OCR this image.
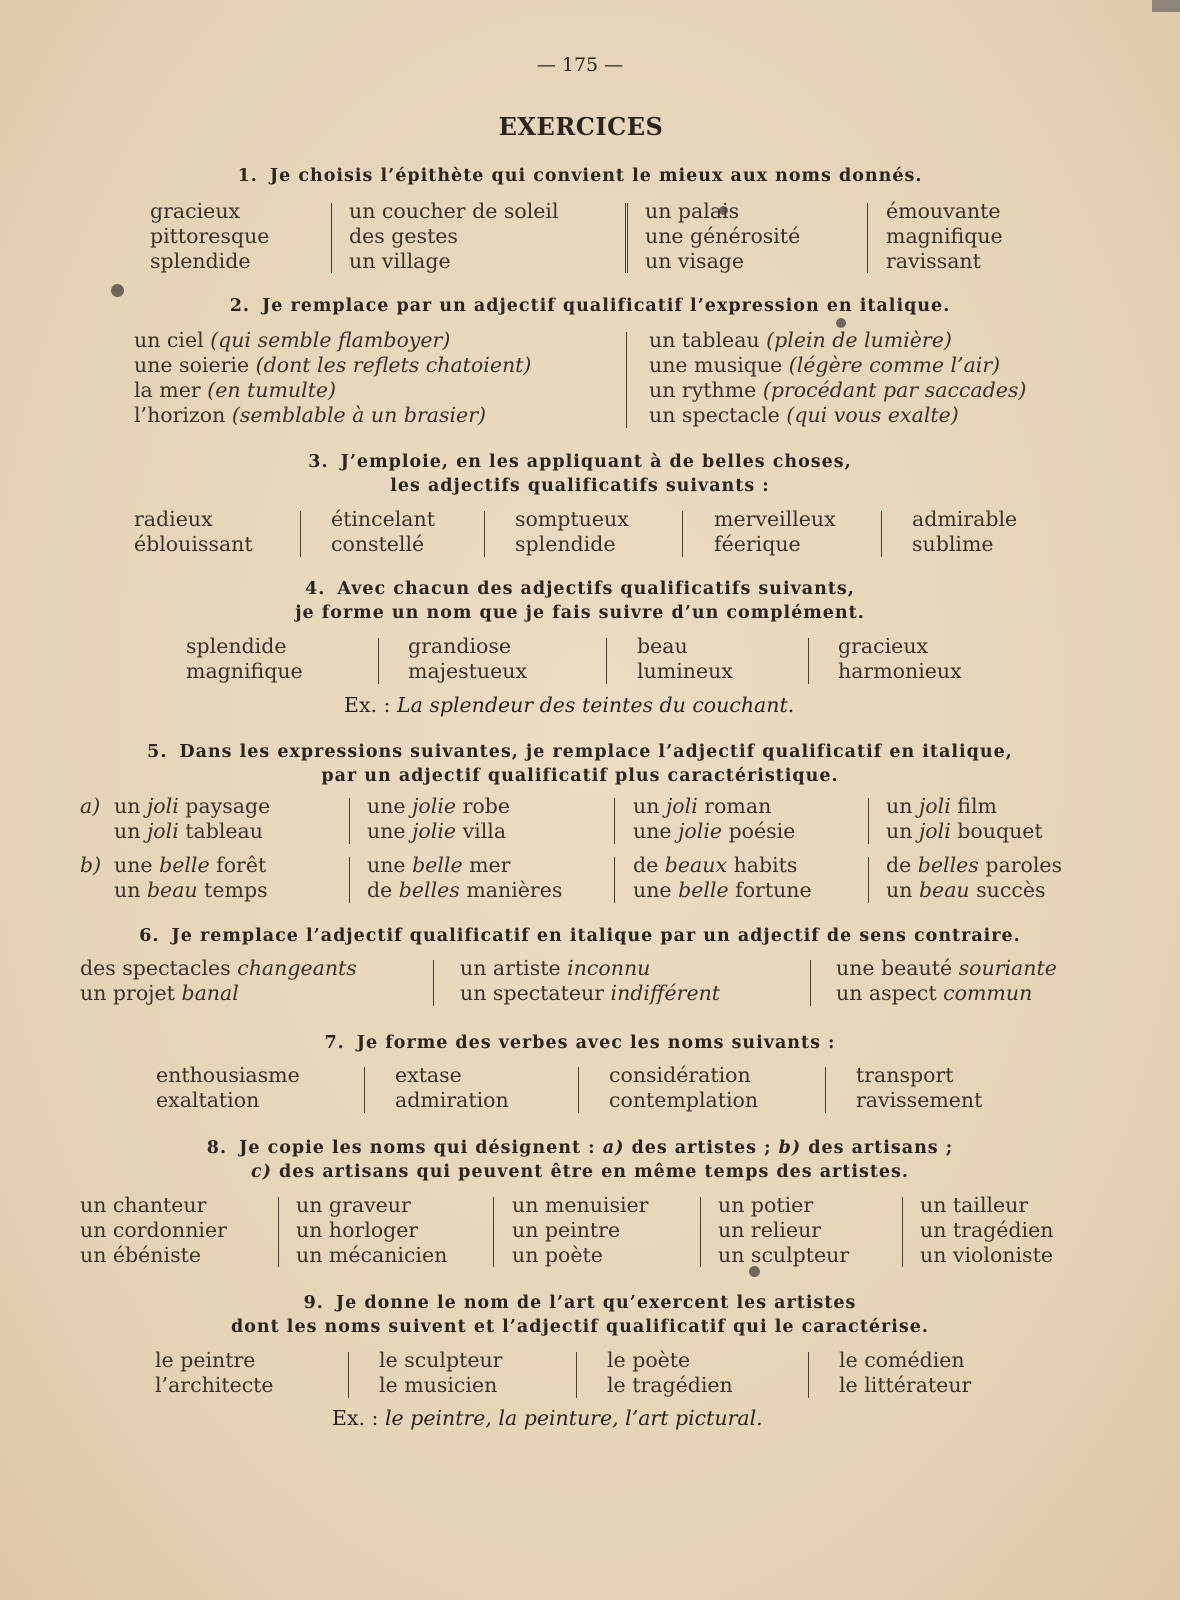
— 175 —
EXERCICES
1. Je choisis l’épithète qui convient le mieux aux noms donnés.
gracieux
pittoresque
splendide
un coucher de soleil
des gestes
un village
un palais
une générosité
un visage
émouvante
magnifique
ravissant
2. Je remplace par un adjectif qualificatif l’expression en italique.
un ciel (qui semble flamboyer)
une soierie (dont les reflets chatoient)
la mer (en tumulte)
l’horizon (semblable à un brasier)
un tableau (plein de lumière)
une musique (légère comme l’air)
un rythme (procédant par saccades)
un spectacle (qui vous exalte)
3. J’emploie, en les appliquant à de belles choses,
les adjectifs qualificatifs suivants :
radieux
éblouissant
étincelant
constellé
somptueux
splendide
merveilleux
féerique
admirable
sublime
4. Avec chacun des adjectifs qualificatifs suivants,
je forme un nom que je fais suivre d’un complément.
splendide
magnifique
grandiose
majestueux
beau
lumineux
gracieux
harmonieux
Ex. : La splendeur des teintes du couchant.
5. Dans les expressions suivantes, je remplace l’adjectif qualificatif en italique,
par un adjectif qualificatif plus caractéristique.
a)
b)
un joli paysage
un joli tableau
une jolie robe
une jolie villa
un joli roman
une jolie poésie
un joli film
un joli bouquet
une belle forêt
un beau temps
une belle mer
de belles manières
de beaux habits
une belle fortune
de belles paroles
un beau succès
6. Je remplace l’adjectif qualificatif en italique par un adjectif de sens contraire.
des spectacles changeants
un projet banal
un artiste inconnu
un spectateur indifférent
une beauté souriante
un aspect commun
7. Je forme des verbes avec les noms suivants :
enthousiasme
exaltation
extase
admiration
considération
contemplation
transport
ravissement
8. Je copie les noms qui désignent : a) des artistes ; b) des artisans ;
c) des artisans qui peuvent être en même temps des artistes.
un chanteur
un cordonnier
un ébéniste
un graveur
un horloger
un mécanicien
un menuisier
un peintre
un poète
un potier
un relieur
un sculpteur
un tailleur
un tragédien
un violoniste
9. Je donne le nom de l’art qu’exercent les artistes
dont les noms suivent et l’adjectif qualificatif qui le caractérise.
le peintre
l’architecte
le sculpteur
le musicien
le poète
le tragédien
le comédien
le littérateur
Ex. : le peintre, la peinture, l’art pictural.
